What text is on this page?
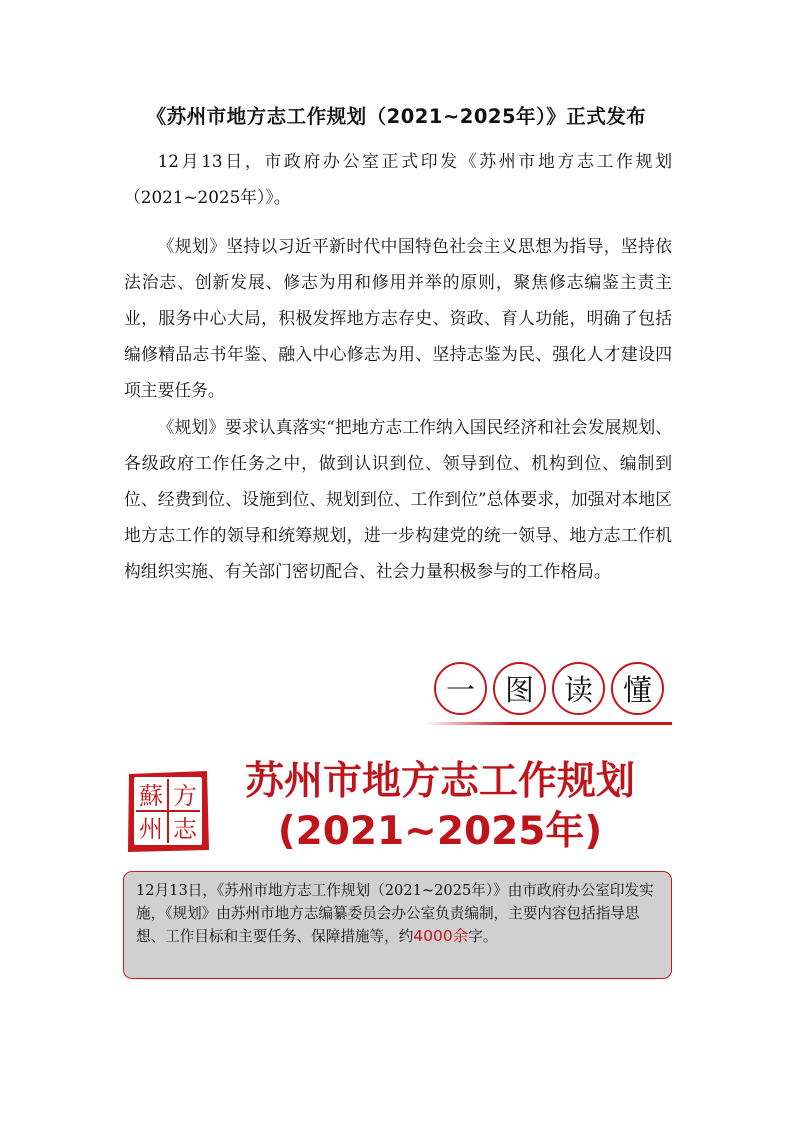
《苏州市地方志工作规划（2021~2025年）》正式发布

12月13日，市政府办公室正式印发《苏州市地方志工作规划（2021~2025年）》。

《规划》坚持以习近平新时代中国特色社会主义思想为指导，坚持依法治志、创新发展、修志为用和修用并举的原则，聚焦修志编鉴主责主业，服务中心大局，积极发挥地方志存史、资政、育人功能，明确了包括编修精品志书年鉴、融入中心修志为用、坚持志鉴为民、强化人才建设四项主要任务。

《规划》要求认真落实“把地方志工作纳入国民经济和社会发展规划、各级政府工作任务之中，做到认识到位、领导到位、机构到位、编制到位、经费到位、设施到位、规划到位、工作到位”总体要求，加强对本地区地方志工作的领导和统筹规划，进一步构建党的统一领导、地方志工作机构组织实施、有关部门密切配合、社会力量积极参与的工作格局。

一	图	读	懂
蘇 方
州 志
苏州市地方志工作规划
(2021~2025年)
12月13日，《苏州市地方志工作规划（2021~2025年）》由市政府办公室印发实施，《规划》由苏州市地方志编纂委员会办公室负责编制，主要内容包括指导思想、工作目标和主要任务、保障措施等，约4000余字。
